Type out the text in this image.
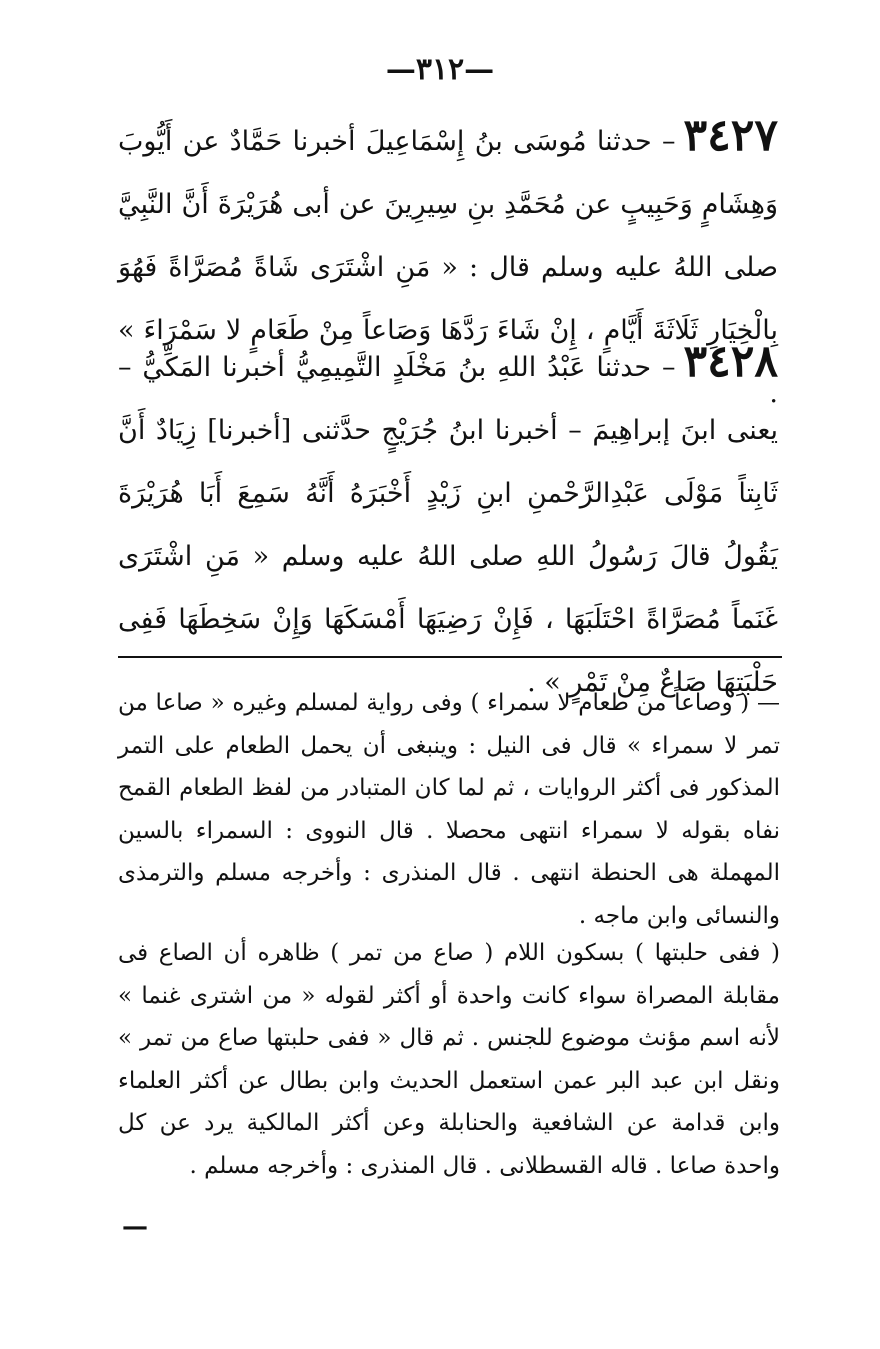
—٣١٢—
٣٤٢٧– حدثنا مُوسَى بنُ إِسْمَاعِيلَ أخبرنا حَمَّادٌ عن أَيُّوبَ وَهِشَامٍ وَحَبِيبٍ عن مُحَمَّدِ بنِ سِيرِينَ عن أبى هُرَيْرَةَ أَنَّ النَّبِيَّ صلى اللهُ عليه وسلم قال : « مَنِ اشْتَرَى شَاةً مُصَرَّاةً فَهُوَ بِالْخِيَارِ ثَلَاثَةَ أَيَّامٍ ، إِنْ شَاءَ رَدَّهَا وَصَاعاً مِنْ طَعَامٍ لا سَمْرَاءَ » .
٣٤٢٨– حدثنا عَبْدُ اللهِ بنُ مَخْلَدٍ التَّمِيمِيُّ أخبرنا المَكِّيُّ – يعنى ابنَ إبراهِيمَ – أخبرنا ابنُ جُرَيْجٍ حدَّثنى [أخبرنا] زِيَادٌ أَنَّ ثَابِتاً مَوْلَى عَبْدِالرَّحْمنِ ابنِ زَيْدٍ أَخْبَرَهُ أَنَّهُ سَمِعَ أَبَا هُرَيْرَةَ يَقُولُ قالَ رَسُولُ اللهِ صلى اللهُ عليه وسلم « مَنِ اشْتَرَى غَنَماً مُصَرَّاةً احْتَلَبَهَا ، فَإِنْ رَضِيَهَا أَمْسَكَهَا وَإِنْ سَخِطَهَا فَفِى حَلْبَتِهَا صَاعٌ مِنْ تَمْرٍ » .
— ( وصاعاً من طعام لا سمراء ) وفى رواية لمسلم وغيره « صاعا من تمر لا سمراء » قال فى النيل : وينبغى أن يحمل الطعام على التمر المذكور فى أكثر الروايات ، ثم لما كان المتبادر من لفظ الطعام القمح نفاه بقوله لا سمراء انتهى محصلا . قال النووى : السمراء بالسين المهملة هى الحنطة انتهى . قال المنذرى : وأخرجه مسلم والترمذى والنسائى وابن ماجه .
( ففى حلبتها ) بسكون اللام ( صاع من تمر ) ظاهره أن الصاع فى مقابلة المصراة سواء كانت واحدة أو أكثر لقوله « من اشترى غنما » لأنه اسم مؤنث موضوع للجنس . ثم قال « ففى حلبتها صاع من تمر » ونقل ابن عبد البر عمن استعمل الحديث وابن بطال عن أكثر العلماء وابن قدامة عن الشافعية والحنابلة وعن أكثر المالكية يرد عن كل واحدة صاعا . قاله القسطلانى . قال المنذرى : وأخرجه مسلم .
—
